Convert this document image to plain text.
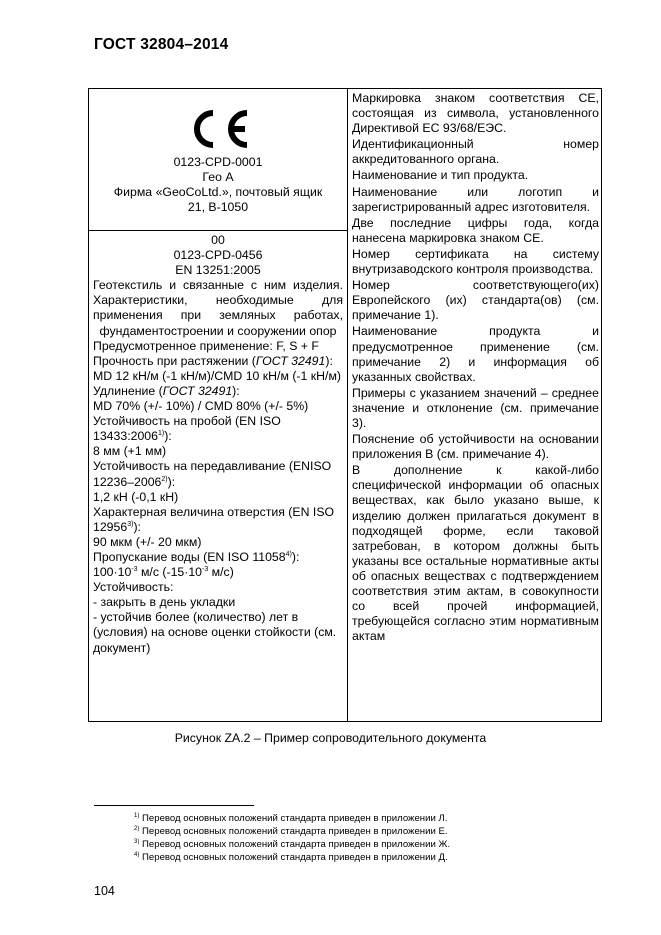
ГОСТ 32804–2014
0123-CPD-0001
Гео А
Фирма «GeoCoLtd.», почтовый ящик
21, B-1050
00
0123-CPD-0456
EN 13251:2005
Геотекстиль и связанные с ним изделия. Характеристики, необходимые для применения при земляных работах, фундаментостроении и сооружении опор
Предусмотренное применение: F, S + F
Прочность при растяжении (ГОСТ 32491):
MD 12 кН/м (-1 кН/м)/CMD 10 кН/м (-1 кН/м)
Удлинение (ГОСТ 32491):
MD 70% (+/- 10%) / CMD 80% (+/- 5%)
Устойчивость на пробой (EN ISO 13433:2006$^{1)}$):
8 мм (+1 мм)
Устойчивость на передавливание (ENISO 12236–2006$^{2)}$):
1,2 кН (-0,1 кН)
Характерная величина отверстия (EN ISO 12956$^{3)}$):
90 мкм (+/- 20 мкм)
Пропускание воды (EN ISO 11058$^{4)}$):
$100\cdot 10^{-3}$ м/с ($-15\cdot 10^{-3}$ м/с)
Устойчивость:
- закрыть в день укладки
- устойчив более (количество) лет в (условия) на основе оценки стойкости (см. документ)

Маркировка знаком соответствия СЕ, состоящая из символа, установленного Директивой ЕС 93/68/ЕЭС.

Идентификационный номер аккредитованного органа.

Наименование и тип продукта.

Наименование или логотип и зарегистрированный адрес изготовителя.

Две последние цифры года, когда нанесена маркировка знаком СЕ.

Номер сертификата на систему внутризаводского контроля производства.

Номер соответствующего(их) Европейского (их) стандарта(ов) (см. примечание 1).

Наименование продукта и предусмотренное применение (см. примечание 2) и информация об указанных свойствах.

Примеры с указанием значений – среднее значение и отклонение (см. примечание 3).

Пояснение об устойчивости на основании приложения В (см. примечание 4).

В дополнение к какой-либо специфической информации об опасных веществах, как было указано выше, к изделию должен прилагаться документ в подходящей форме, если таковой затребован, в котором должны быть указаны все остальные нормативные акты об опасных веществах с подтверждением соответствия этим актам, в совокупности со всей прочей информацией, требующейся согласно этим нормативным актам

Рисунок ZA.2 – Пример сопроводительного документа
$^{1)}$ Перевод основных положений стандарта приведен в приложении Л.
$^{2)}$ Перевод основных положений стандарта приведен в приложении Е.
$^{3)}$ Перевод основных положений стандарта приведен в приложении Ж.
$^{4)}$ Перевод основных положений стандарта приведен в приложении Д.
104
